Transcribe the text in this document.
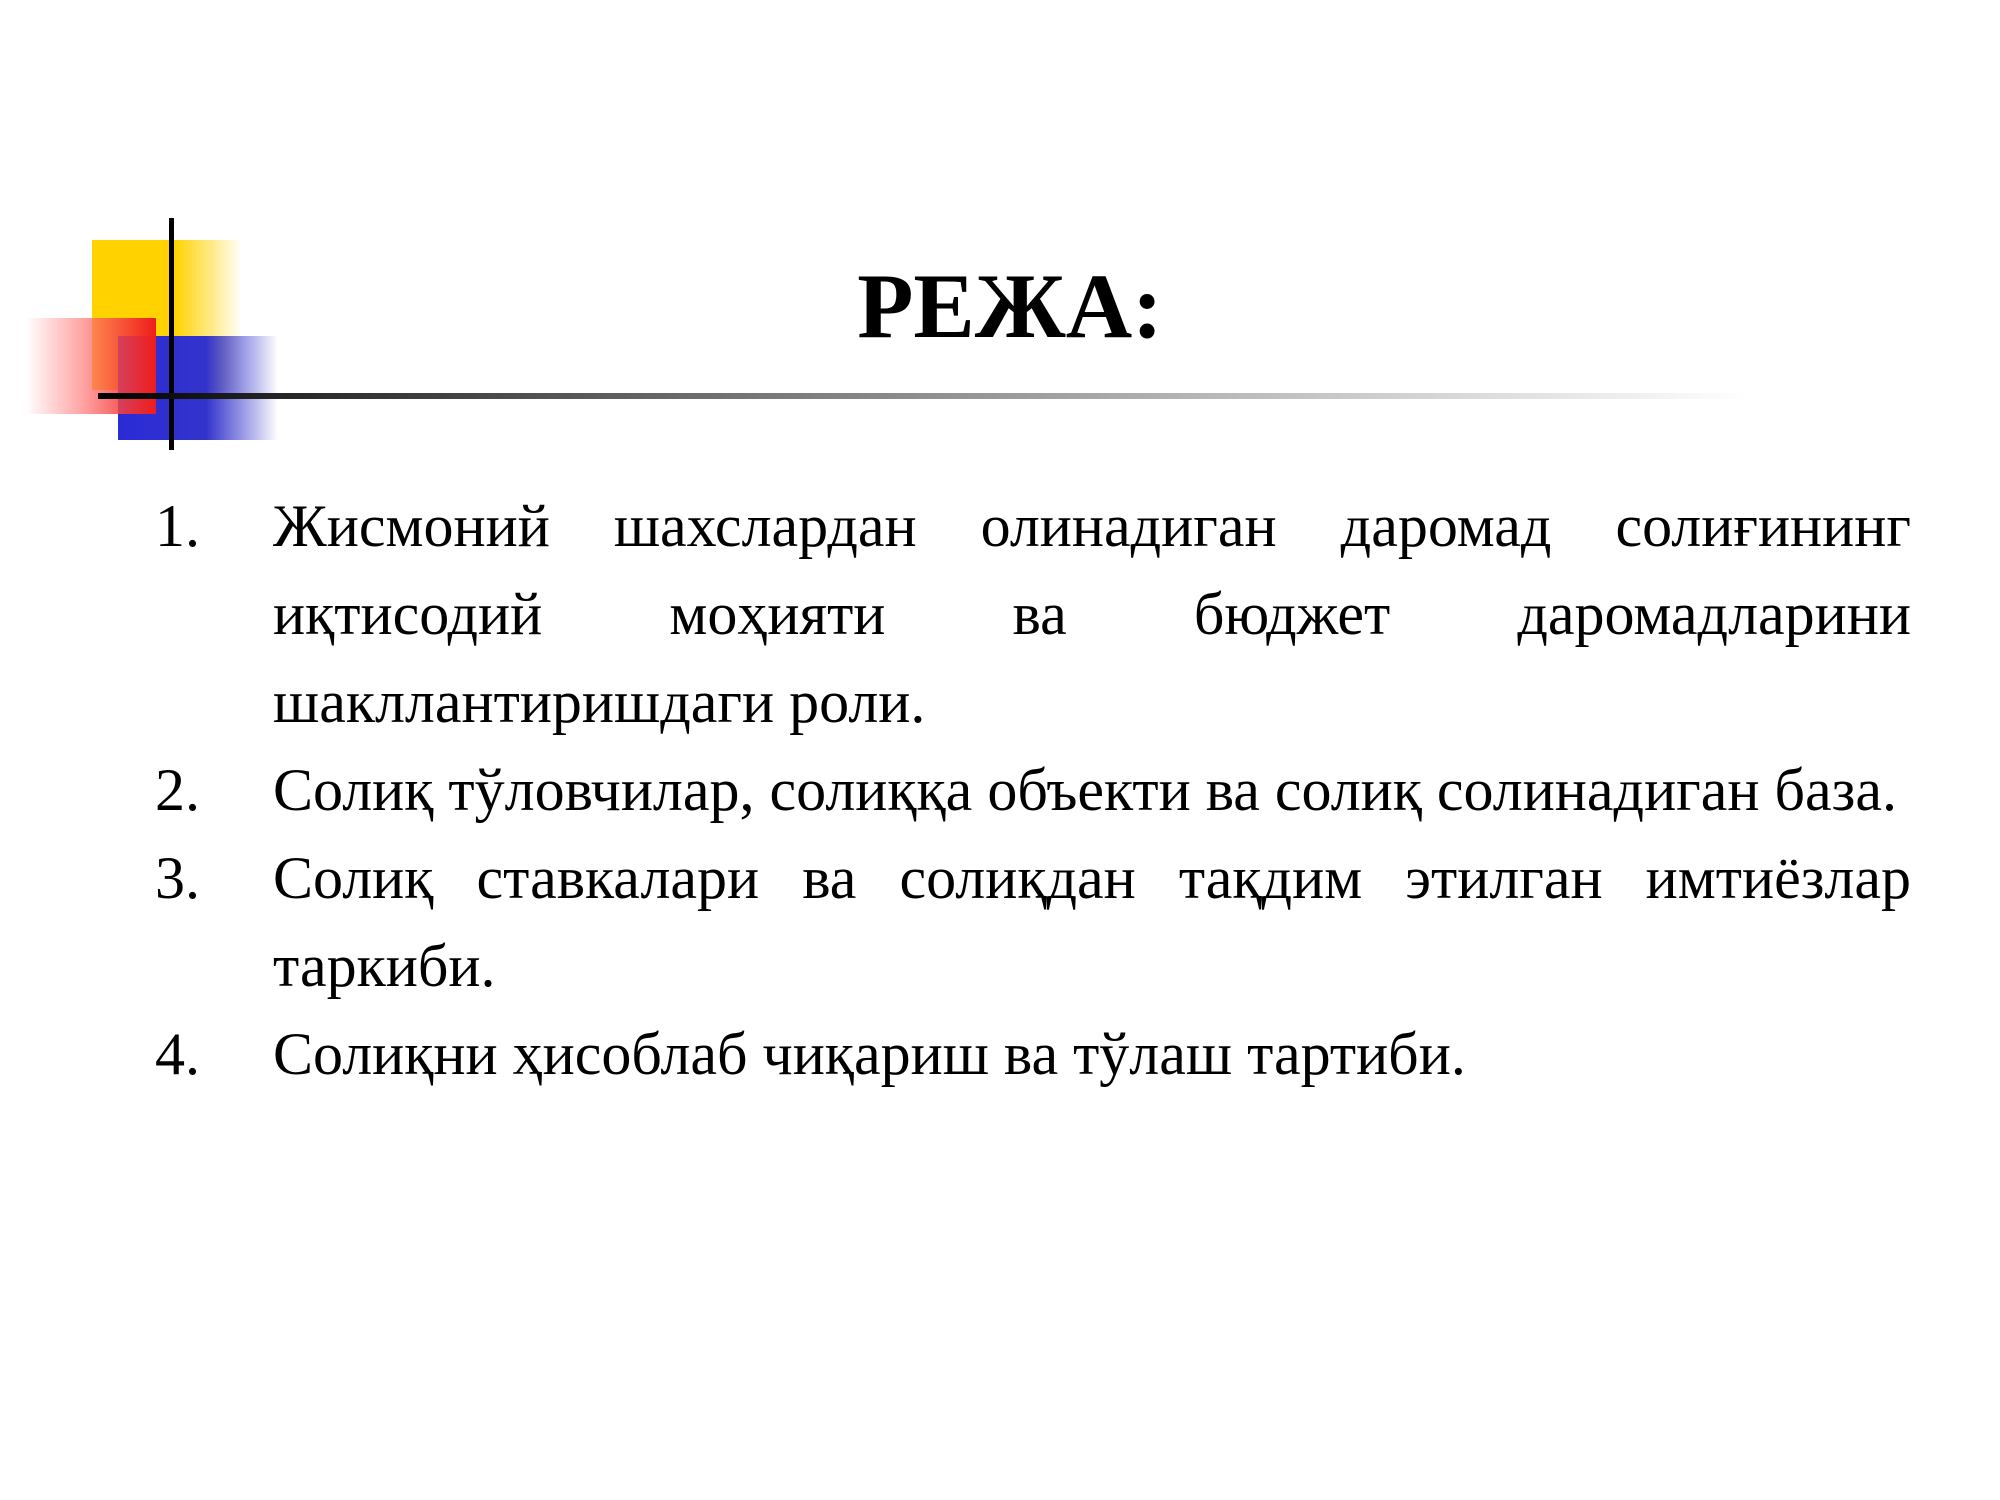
РЕЖА:
1.	Жисмоний шахслардан олинадиган даромад солиғининг иқтисодий моҳияти ва бюджет даромадларини шакллантиришдаги роли.
2.	Солиқ тўловчилар, солиққа объекти ва солиқ солинадиган база.
3.	Солиқ ставкалари ва солиқдан тақдим этилган имтиёзлар таркиби.
4.	Солиқни ҳисоблаб чиқариш ва тўлаш тартиби.
